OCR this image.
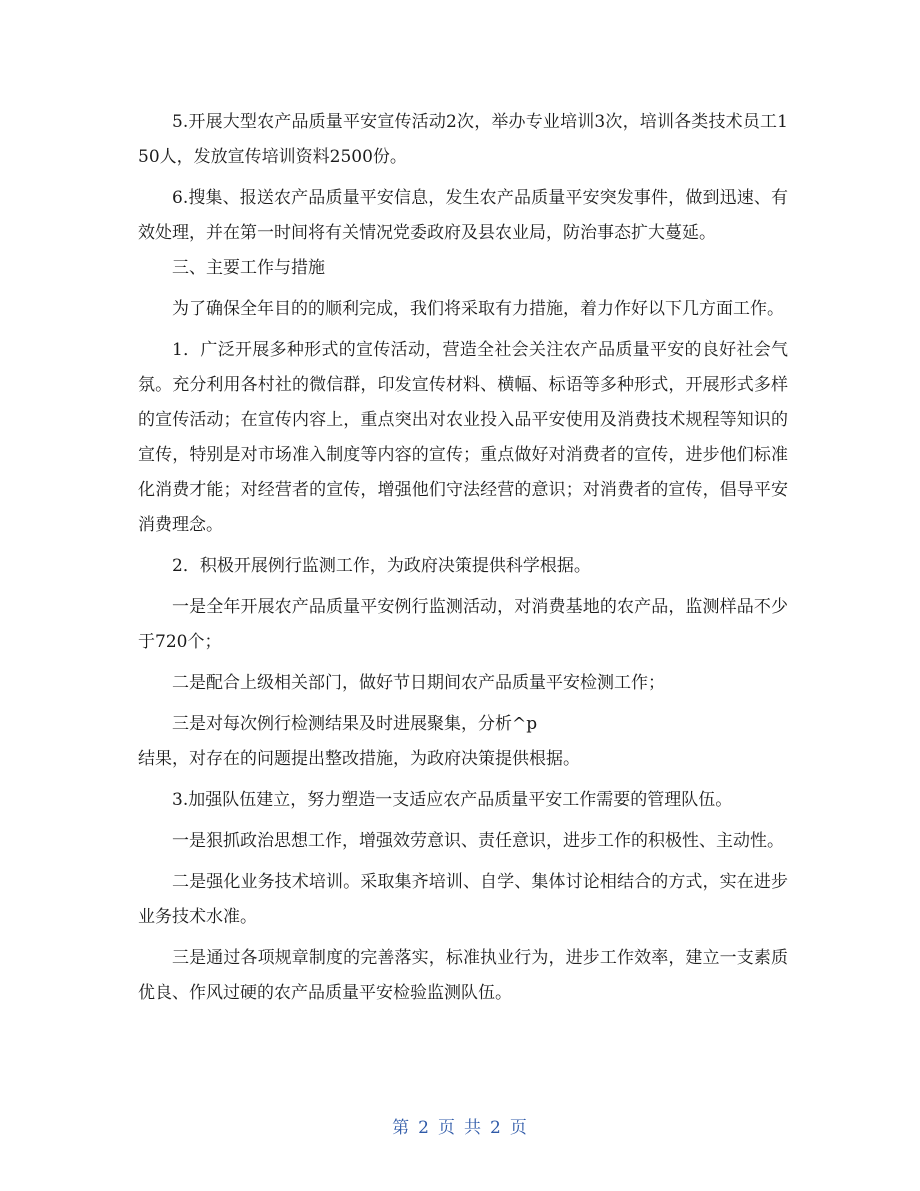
5.开展大型农产品质量平安宣传活动2次，举办专业培训3次，培训各类技术员工150人，发放宣传培训资料2500份。

6.搜集、报送农产品质量平安信息，发生农产品质量平安突发事件，做到迅速、有效处理，并在第一时间将有关情况党委政府及县农业局，防治事态扩大蔓延。

三、主要工作与措施

为了确保全年目的的顺利完成，我们将采取有力措施，着力作好以下几方面工作。

1．广泛开展多种形式的宣传活动，营造全社会关注农产品质量平安的良好社会气氛。充分利用各村社的微信群，印发宣传材料、横幅、标语等多种形式，开展形式多样的宣传活动；在宣传内容上，重点突出对农业投入品平安使用及消费技术规程等知识的宣传，特别是对市场准入制度等内容的宣传；重点做好对消费者的宣传，进步他们标准化消费才能；对经营者的宣传，增强他们守法经营的意识；对消费者的宣传，倡导平安消费理念。

2．积极开展例行监测工作，为政府决策提供科学根据。

一是全年开展农产品质量平安例行监测活动，对消费基地的农产品，监测样品不少于720个；

二是配合上级相关部门，做好节日期间农产品质量平安检测工作；

三是对每次例行检测结果及时进展聚集，分析^p

结果，对存在的问题提出整改措施，为政府决策提供根据。

3.加强队伍建立，努力塑造一支适应农产品质量平安工作需要的管理队伍。

一是狠抓政治思想工作，增强效劳意识、责任意识，进步工作的积极性、主动性。

二是强化业务技术培训。采取集齐培训、自学、集体讨论相结合的方式，实在进步业务技术水准。

三是通过各项规章制度的完善落实，标准执业行为，进步工作效率，建立一支素质优良、作风过硬的农产品质量平安检验监测队伍。

第 2 页 共 2 页
